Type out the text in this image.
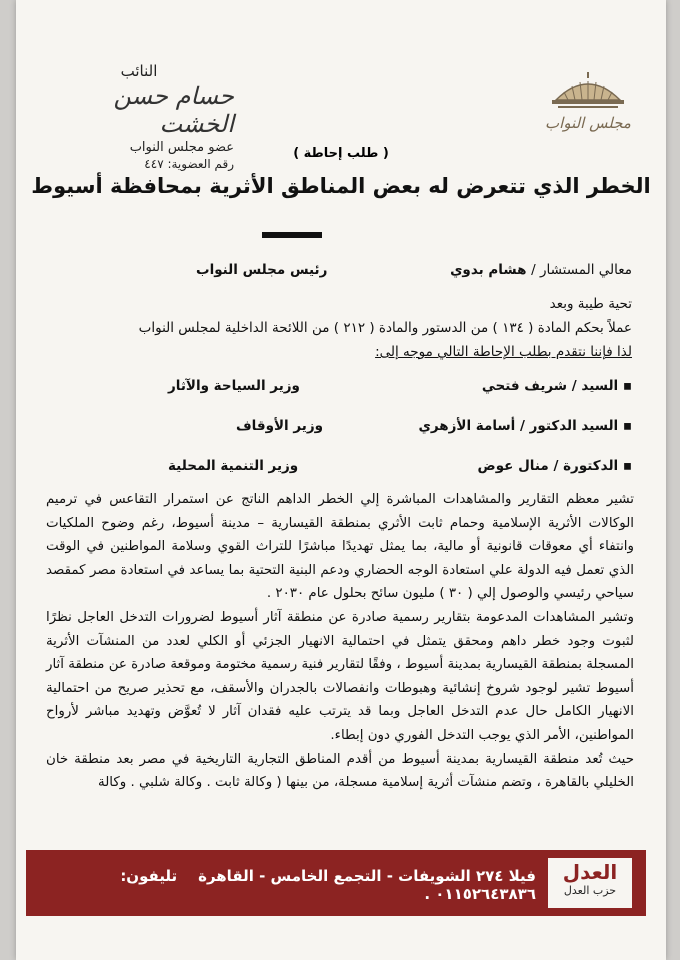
النائب
حسام حسن الخشت
عضو مجلس النواب
رقم العضوية: ٤٤٧
مجلس النواب
( طلب إحاطة )
الخطر الذي تتعرض له بعض المناطق الأثرية بمحافظة أسيوط
معالي المستشار / هشام بدوي
رئيس مجلس النواب
تحية طيبة وبعد
عملاً بحكم المادة ( ١٣٤ ) من الدستور والمادة ( ٢١٢ ) من اللائحة الداخلية لمجلس النواب
لذا فإننا نتقدم بطلب الإحاطة التالي موجه إلى:
▪ السيد / شريف فتحي
وزير السياحة والآثار
▪ السيد الدكتور / أسامة الأزهري
وزير الأوقاف
▪ الدكتورة / منال عوض
وزير التنمية المحلية

تشير معظم التقارير والمشاهدات المباشرة إلي الخطر الداهم الناتج عن استمرار التقاعس في ترميم الوكالات الأثرية الإسلامية وحمام ثابت الأثري بمنطقة القيسارية – مدينة أسيوط، رغم وضوح الملكيات وانتفاء أي معوقات قانونية أو مالية، بما يمثل تهديدًا مباشرًا للتراث القوي وسلامة المواطنين في الوقت الذي تعمل فيه الدولة علي استعادة الوجه الحضاري ودعم البنية التحتية بما يساعد في استعادة مصر كمقصد سياحي رئيسي والوصول إلي ( ٣٠ ) مليون سائح بحلول عام ٢٠٣٠ .

وتشير المشاهدات المدعومة بتقارير رسمية صادرة عن منطقة آثار أسيوط لضرورات التدخل العاجل نظرًا لثبوت وجود خطر داهم ومحقق يتمثل في احتمالية الانهيار الجزئي أو الكلي لعدد من المنشآت الأثرية المسجلة بمنطقة القيسارية بمدينة أسيوط ، وفقًا لتقارير فنية رسمية مختومة وموقعة صادرة عن منطقة آثار أسيوط تشير لوجود شروخ إنشائية وهبوطات وانفصالات بالجدران والأسقف، مع تحذير صريح من احتمالية الانهيار الكامل حال عدم التدخل العاجل وبما قد يترتب عليه فقدان آثار لا تُعوَّض وتهديد مباشر لأرواح المواطنين، الأمر الذي يوجب التدخل الفوري دون إبطاء.

حيث تُعد منطقة القيسارية بمدينة أسيوط من أقدم المناطق التجارية التاريخية في مصر بعد منطقة خان الخليلي بالقاهرة ، وتضم منشآت أثرية إسلامية مسجلة، من بينها ( وكالة ثابت . وكالة شلبي . وكالة

العدل
حزب العدل
فيلا ٢٧٤ الشويفات - التجمع الخامس - القاهرة    تليفون: ٠١١٥٢٦٤٣٨٣٦ .
